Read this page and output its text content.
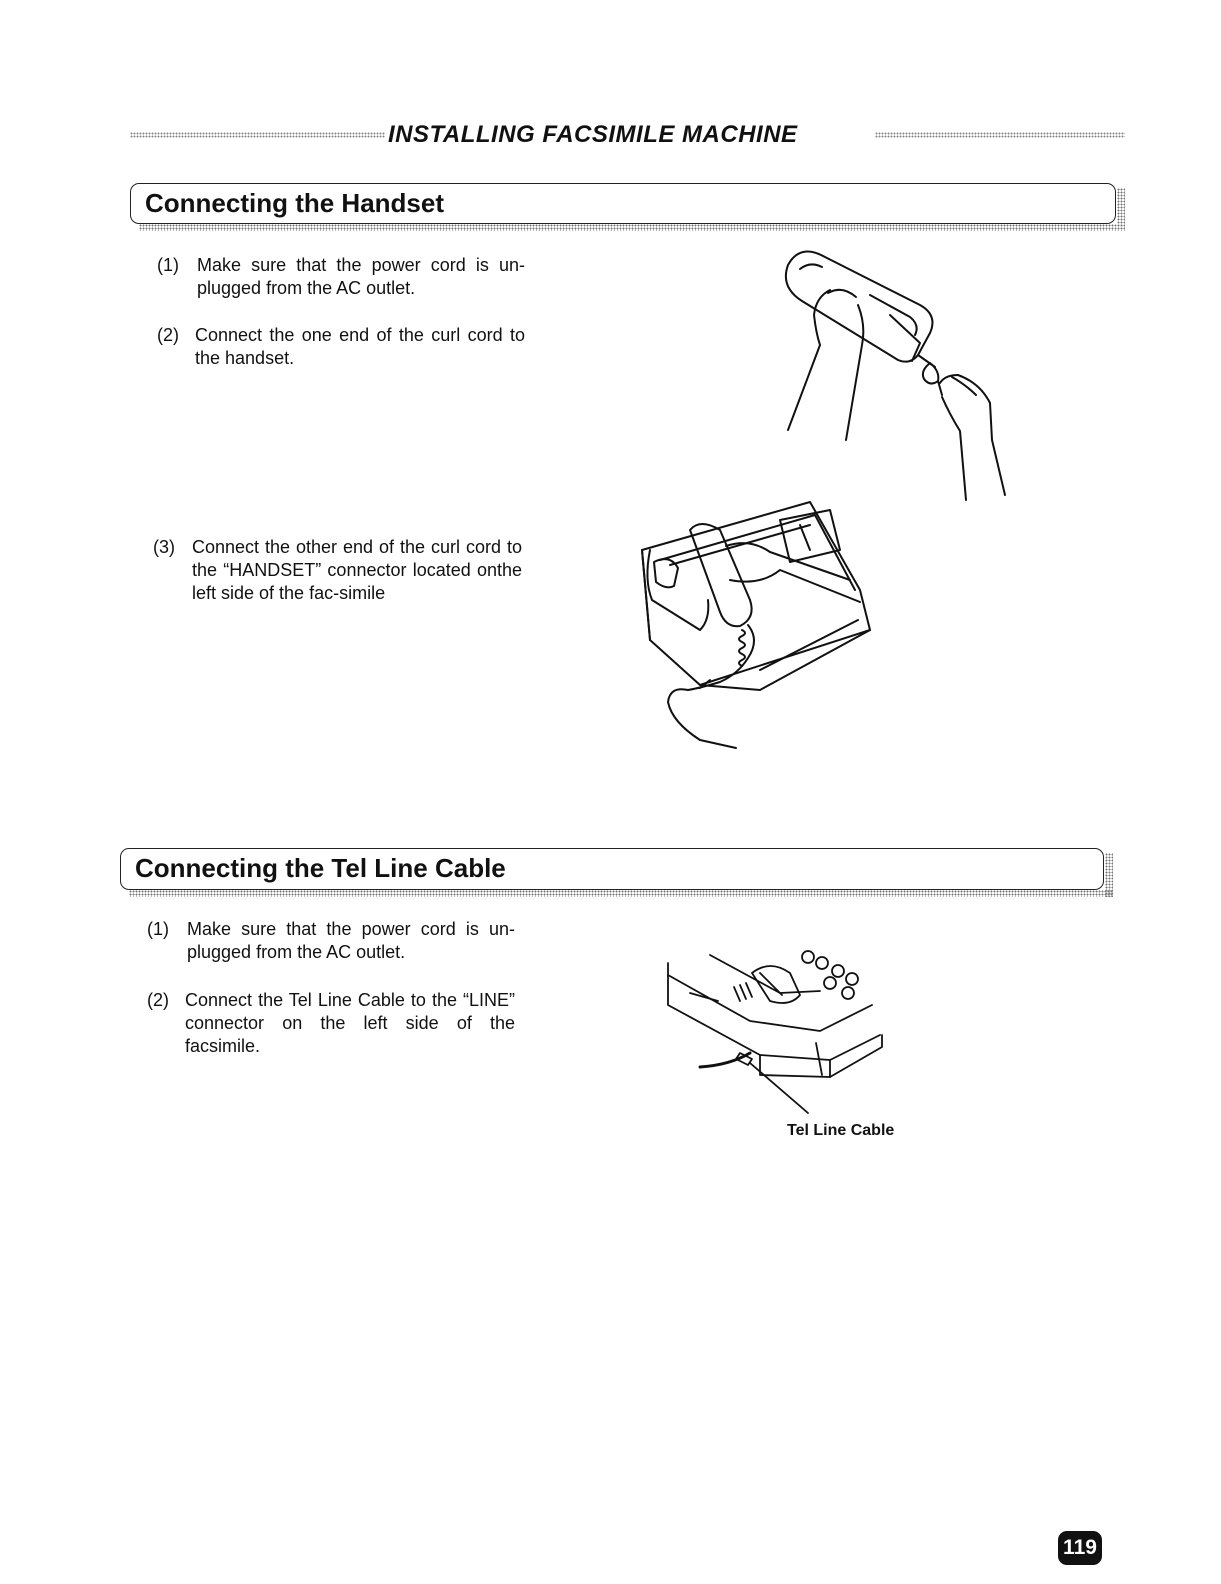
INSTALLING FACSIMILE MACHINE
Connecting the Handset
(1) Make sure that the power cord is un-plugged from the AC outlet.
(2) Connect the one end of the curl cord to the handset.
(3) Connect the other end of the curl cord to the “HANDSET” connector located onthe left side of the fac-simile
Connecting the Tel Line Cable
(1) Make sure that the power cord is un-plugged from the AC outlet.
(2) Connect the Tel Line Cable to the “LINE” connector on the left side of the facsimile.
Tel Line Cable
119
